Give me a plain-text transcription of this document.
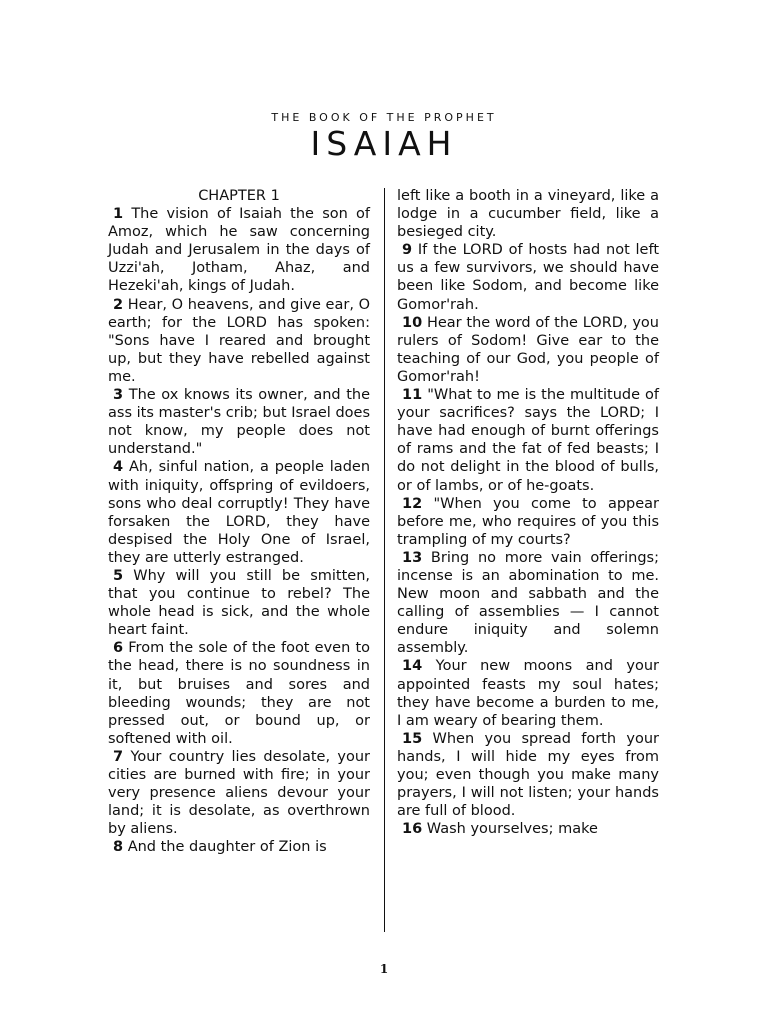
THE BOOK OF THE PROPHET
ISAIAH

CHAPTER 1

1 The vision of Isaiah the son of Amoz, which he saw concerning Judah and Jerusalem in the days of Uzzi'ah, Jotham, Ahaz, and Hezeki'ah, kings of Judah.

2 Hear, O heavens, and give ear, O earth; for the LORD has spoken: "Sons have I reared and brought up, but they have rebelled against me.

3 The ox knows its owner, and the ass its master's crib; but Israel does not know, my people does not understand."

4 Ah, sinful nation, a people laden with iniquity, offspring of evildoers, sons who deal corruptly! They have forsaken the LORD, they have despised the Holy One of Israel, they are utterly estranged.

5 Why will you still be smitten, that you continue to rebel? The whole head is sick, and the whole heart faint.

6 From the sole of the foot even to the head, there is no soundness in it, but bruises and sores and bleeding wounds; they are not pressed out, or bound up, or softened with oil.

7 Your country lies desolate, your cities are burned with fire; in your very presence aliens devour your land; it is desolate, as overthrown by aliens.

8 And the daughter of Zion is

left like a booth in a vineyard, like a lodge in a cucumber field, like a besieged city.

9 If the LORD of hosts had not left us a few survivors, we should have been like Sodom, and become like Gomor'rah.

10 Hear the word of the LORD, you rulers of Sodom! Give ear to the teaching of our God, you people of Gomor'rah!

11 "What to me is the multitude of your sacrifices? says the LORD; I have had enough of burnt offerings of rams and the fat of fed beasts; I do not delight in the blood of bulls, or of lambs, or of he-goats.

12 "When you come to appear before me, who requires of you this trampling of my courts?

13 Bring no more vain offerings; incense is an abomination to me. New moon and sabbath and the calling of assemblies — I cannot endure iniquity and solemn assembly.

14 Your new moons and your appointed feasts my soul hates; they have become a burden to me, I am weary of bearing them.

15 When you spread forth your hands, I will hide my eyes from you; even though you make many prayers, I will not listen; your hands are full of blood.

16 Wash yourselves; make

1
